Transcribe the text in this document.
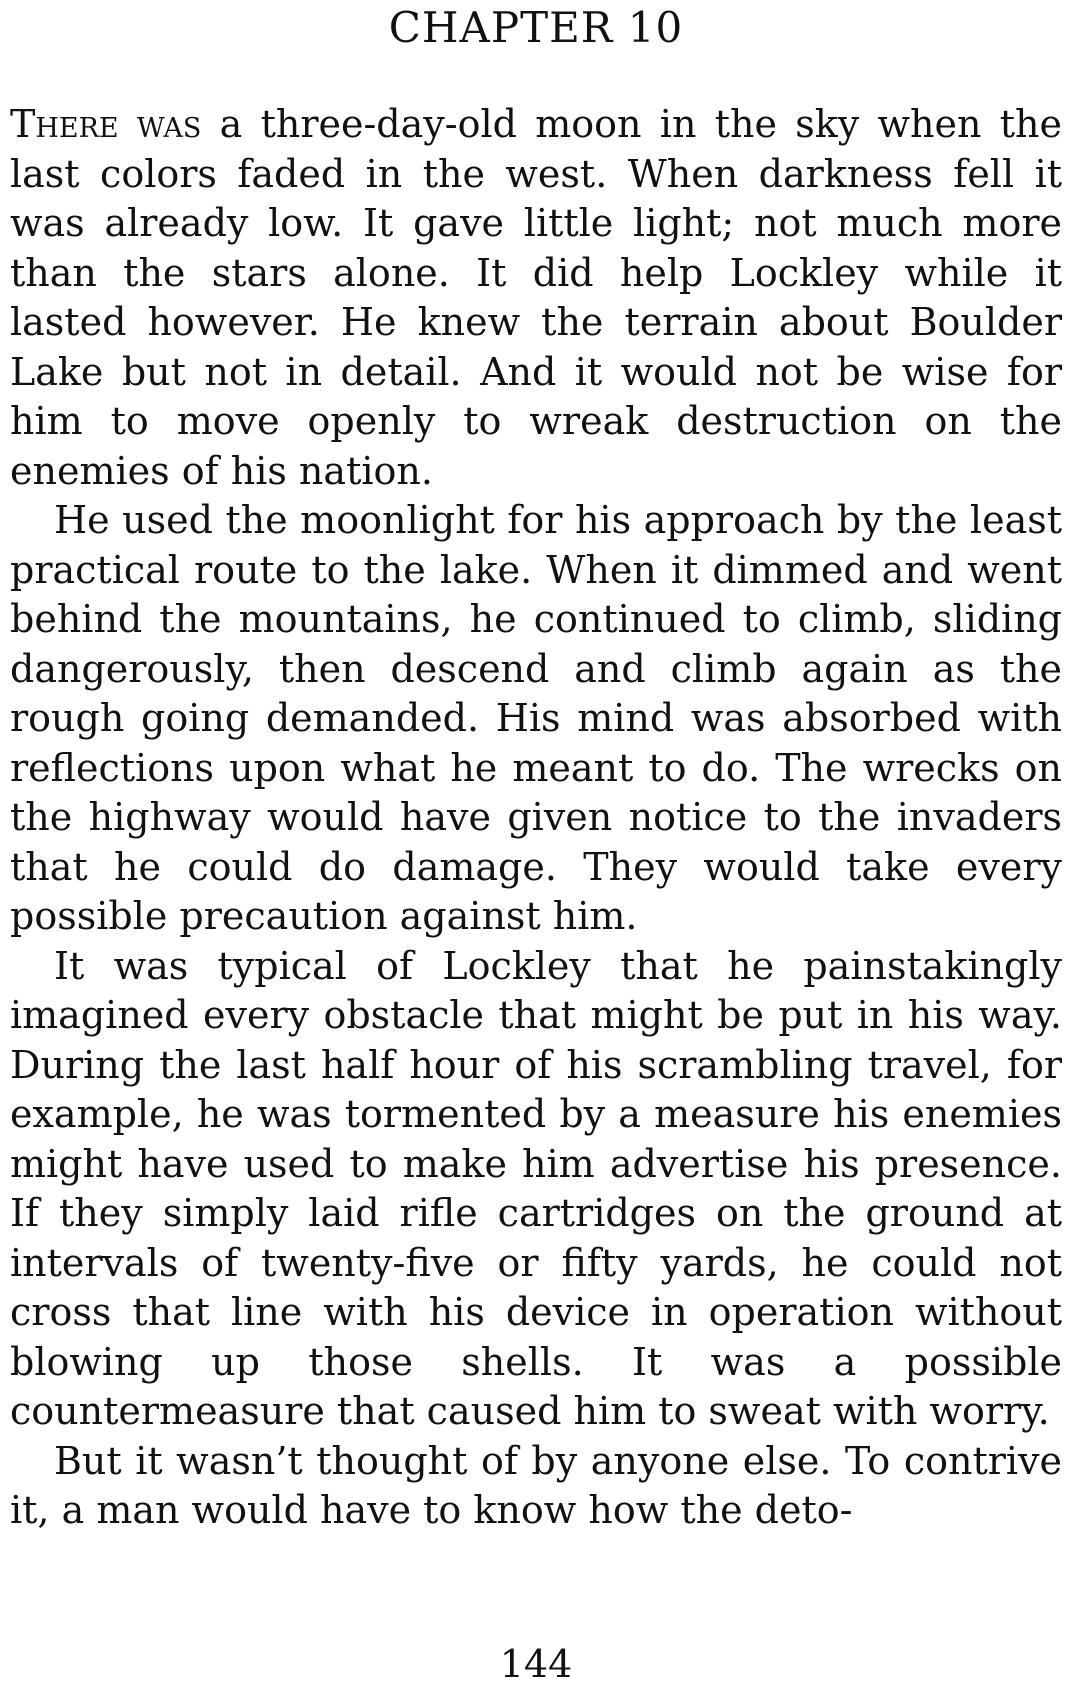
CHAPTER 10

There was a three-day-old moon in the sky when the last colors faded in the west. When darkness fell it was already low. It gave little light; not much more than the stars alone. It did help Lockley while it lasted however. He knew the terrain about Boulder Lake but not in detail. And it would not be wise for him to move openly to wreak destruction on the enemies of his nation.

He used the moonlight for his approach by the least practical route to the lake. When it dimmed and went behind the mountains, he continued to climb, sliding dangerously, then descend and climb again as the rough going demanded. His mind was absorbed with reflections upon what he meant to do. The wrecks on the highway would have given notice to the invaders that he could do damage. They would take every possible precaution against him.

It was typical of Lockley that he painstakingly imagined every obstacle that might be put in his way. During the last half hour of his scrambling travel, for example, he was tormented by a measure his enemies might have used to make him advertise his presence. If they simply laid rifle cartridges on the ground at intervals of twenty-five or fifty yards, he could not cross that line with his device in operation without blowing up those shells. It was a possible countermeasure that caused him to sweat with worry.

But it wasn’t thought of by anyone else. To contrive it, a man would have to know how the deto-

144
